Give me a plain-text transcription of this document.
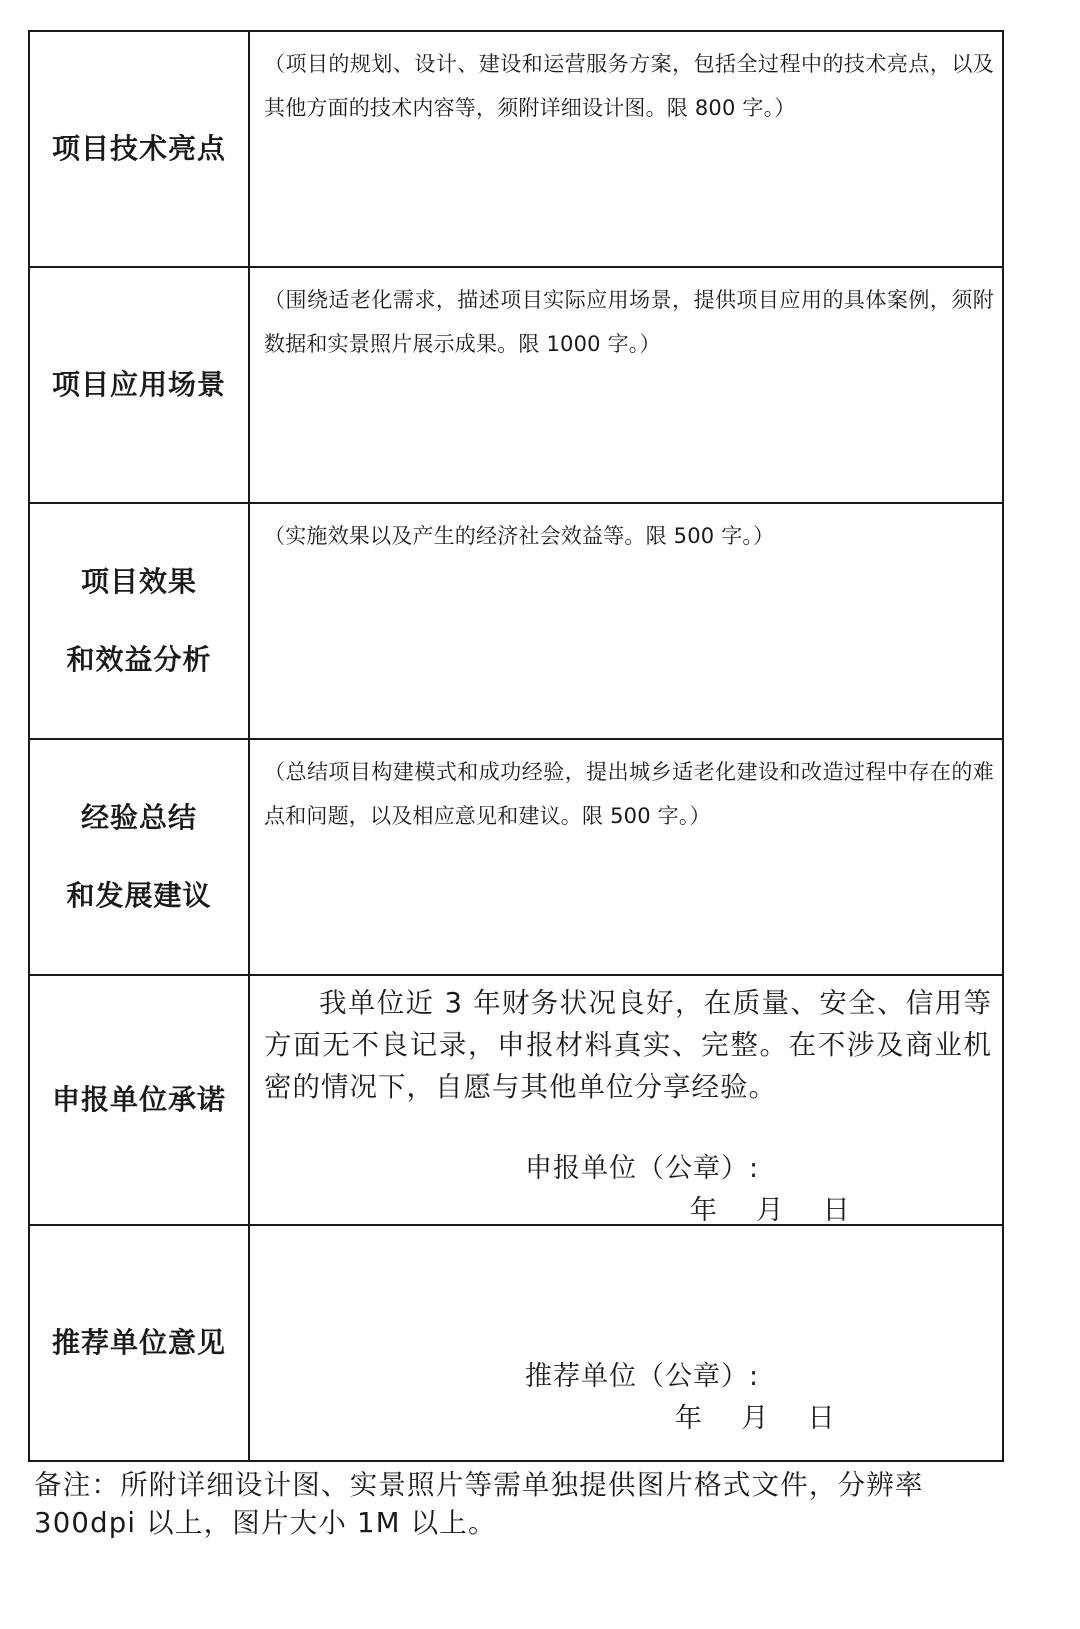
项目技术亮点	（项目的规划、设计、建设和运营服务方案，包括全过程中的技术亮点，以及其他方面的技术内容等，须附详细设计图。限 800 字。）

项目应用场景	（围绕适老化需求，描述项目实际应用场景，提供项目应用的具体案例，须附数据和实景照片展示成果。限 1000 字。）

项目效果
和效益分析	（实施效果以及产生的经济社会效益等。限 500 字。）

经验总结
和发展建议	（总结项目构建模式和成功经验，提出城乡适老化建设和改造过程中存在的难点和问题，以及相应意见和建议。限 500 字。）

申报单位承诺	我单位近 3 年财务状况良好，在质量、安全、信用等方面无不良记录，申报材料真实、完整。在不涉及商业机密的情况下，自愿与其他单位分享经验。
申报单位（公章）:
年    月    日

推荐单位意见	推荐单位（公章）:
年    月    日
备注：所附详细设计图、实景照片等需单独提供图片格式文件，分辨率 300dpi 以上，图片大小 1M 以上。
